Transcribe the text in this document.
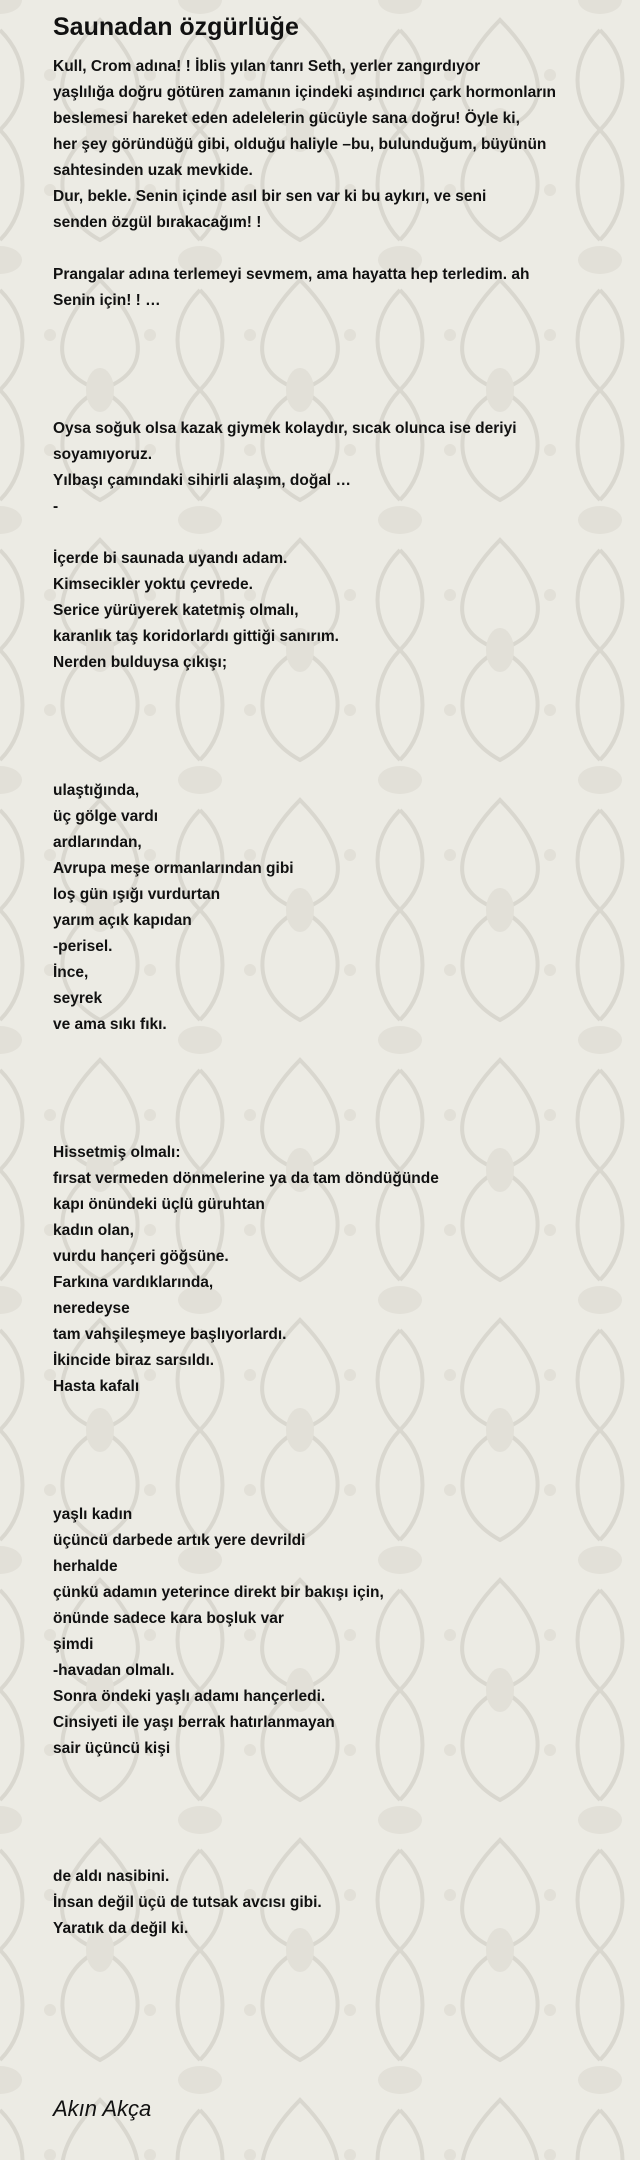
Saunadan özgürlüğe
Kull, Crom adına! ! İblis yılan tanrı Seth, yerler zangırdıyor
yaşlılığa doğru götüren zamanın içindeki aşındırıcı çark hormonların
beslemesi hareket eden adelelerin gücüyle sana doğru! Öyle ki,
her şey göründüğü gibi, olduğu haliyle –bu, bulunduğum, büyünün
sahtesinden uzak mevkide.
Dur, bekle. Senin içinde asıl bir sen var ki bu aykırı, ve seni
senden özgül bırakacağım! !
Prangalar adına terlemeyi sevmem, ama hayatta hep terledim. ah
Senin için! ! …
Oysa soğuk olsa kazak giymek kolaydır, sıcak olunca ise deriyi
soyamıyoruz.
Yılbaşı çamındaki sihirli alaşım, doğal …
-
İçerde bi saunada uyandı adam.
Kimsecikler yoktu çevrede.
Serice yürüyerek katetmiş olmalı,
karanlık taş koridorlardı gittiği sanırım.
Nerden bulduysa çıkışı;
ulaştığında,
üç gölge vardı
ardlarından,
Avrupa meşe ormanlarından gibi
loş gün ışığı vurdurtan
yarım açık kapıdan
-perisel.
İnce,
seyrek
ve ama sıkı fıkı.
Hissetmiş olmalı:
fırsat vermeden dönmelerine ya da tam döndüğünde
kapı önündeki üçlü güruhtan
kadın olan,
vurdu hançeri göğsüne.
Farkına vardıklarında,
neredeyse
tam vahşileşmeye başlıyorlardı.
İkincide biraz sarsıldı.
Hasta kafalı
yaşlı kadın
üçüncü darbede artık yere devrildi
herhalde
çünkü adamın yeterince direkt bir bakışı için,
önünde sadece kara boşluk var
şimdi
-havadan olmalı.
Sonra öndeki yaşlı adamı hançerledi.
Cinsiyeti ile yaşı berrak hatırlanmayan
sair üçüncü kişi
de aldı nasibini.
İnsan değil üçü de tutsak avcısı gibi.
Yaratık da değil ki.
Akın Akça
